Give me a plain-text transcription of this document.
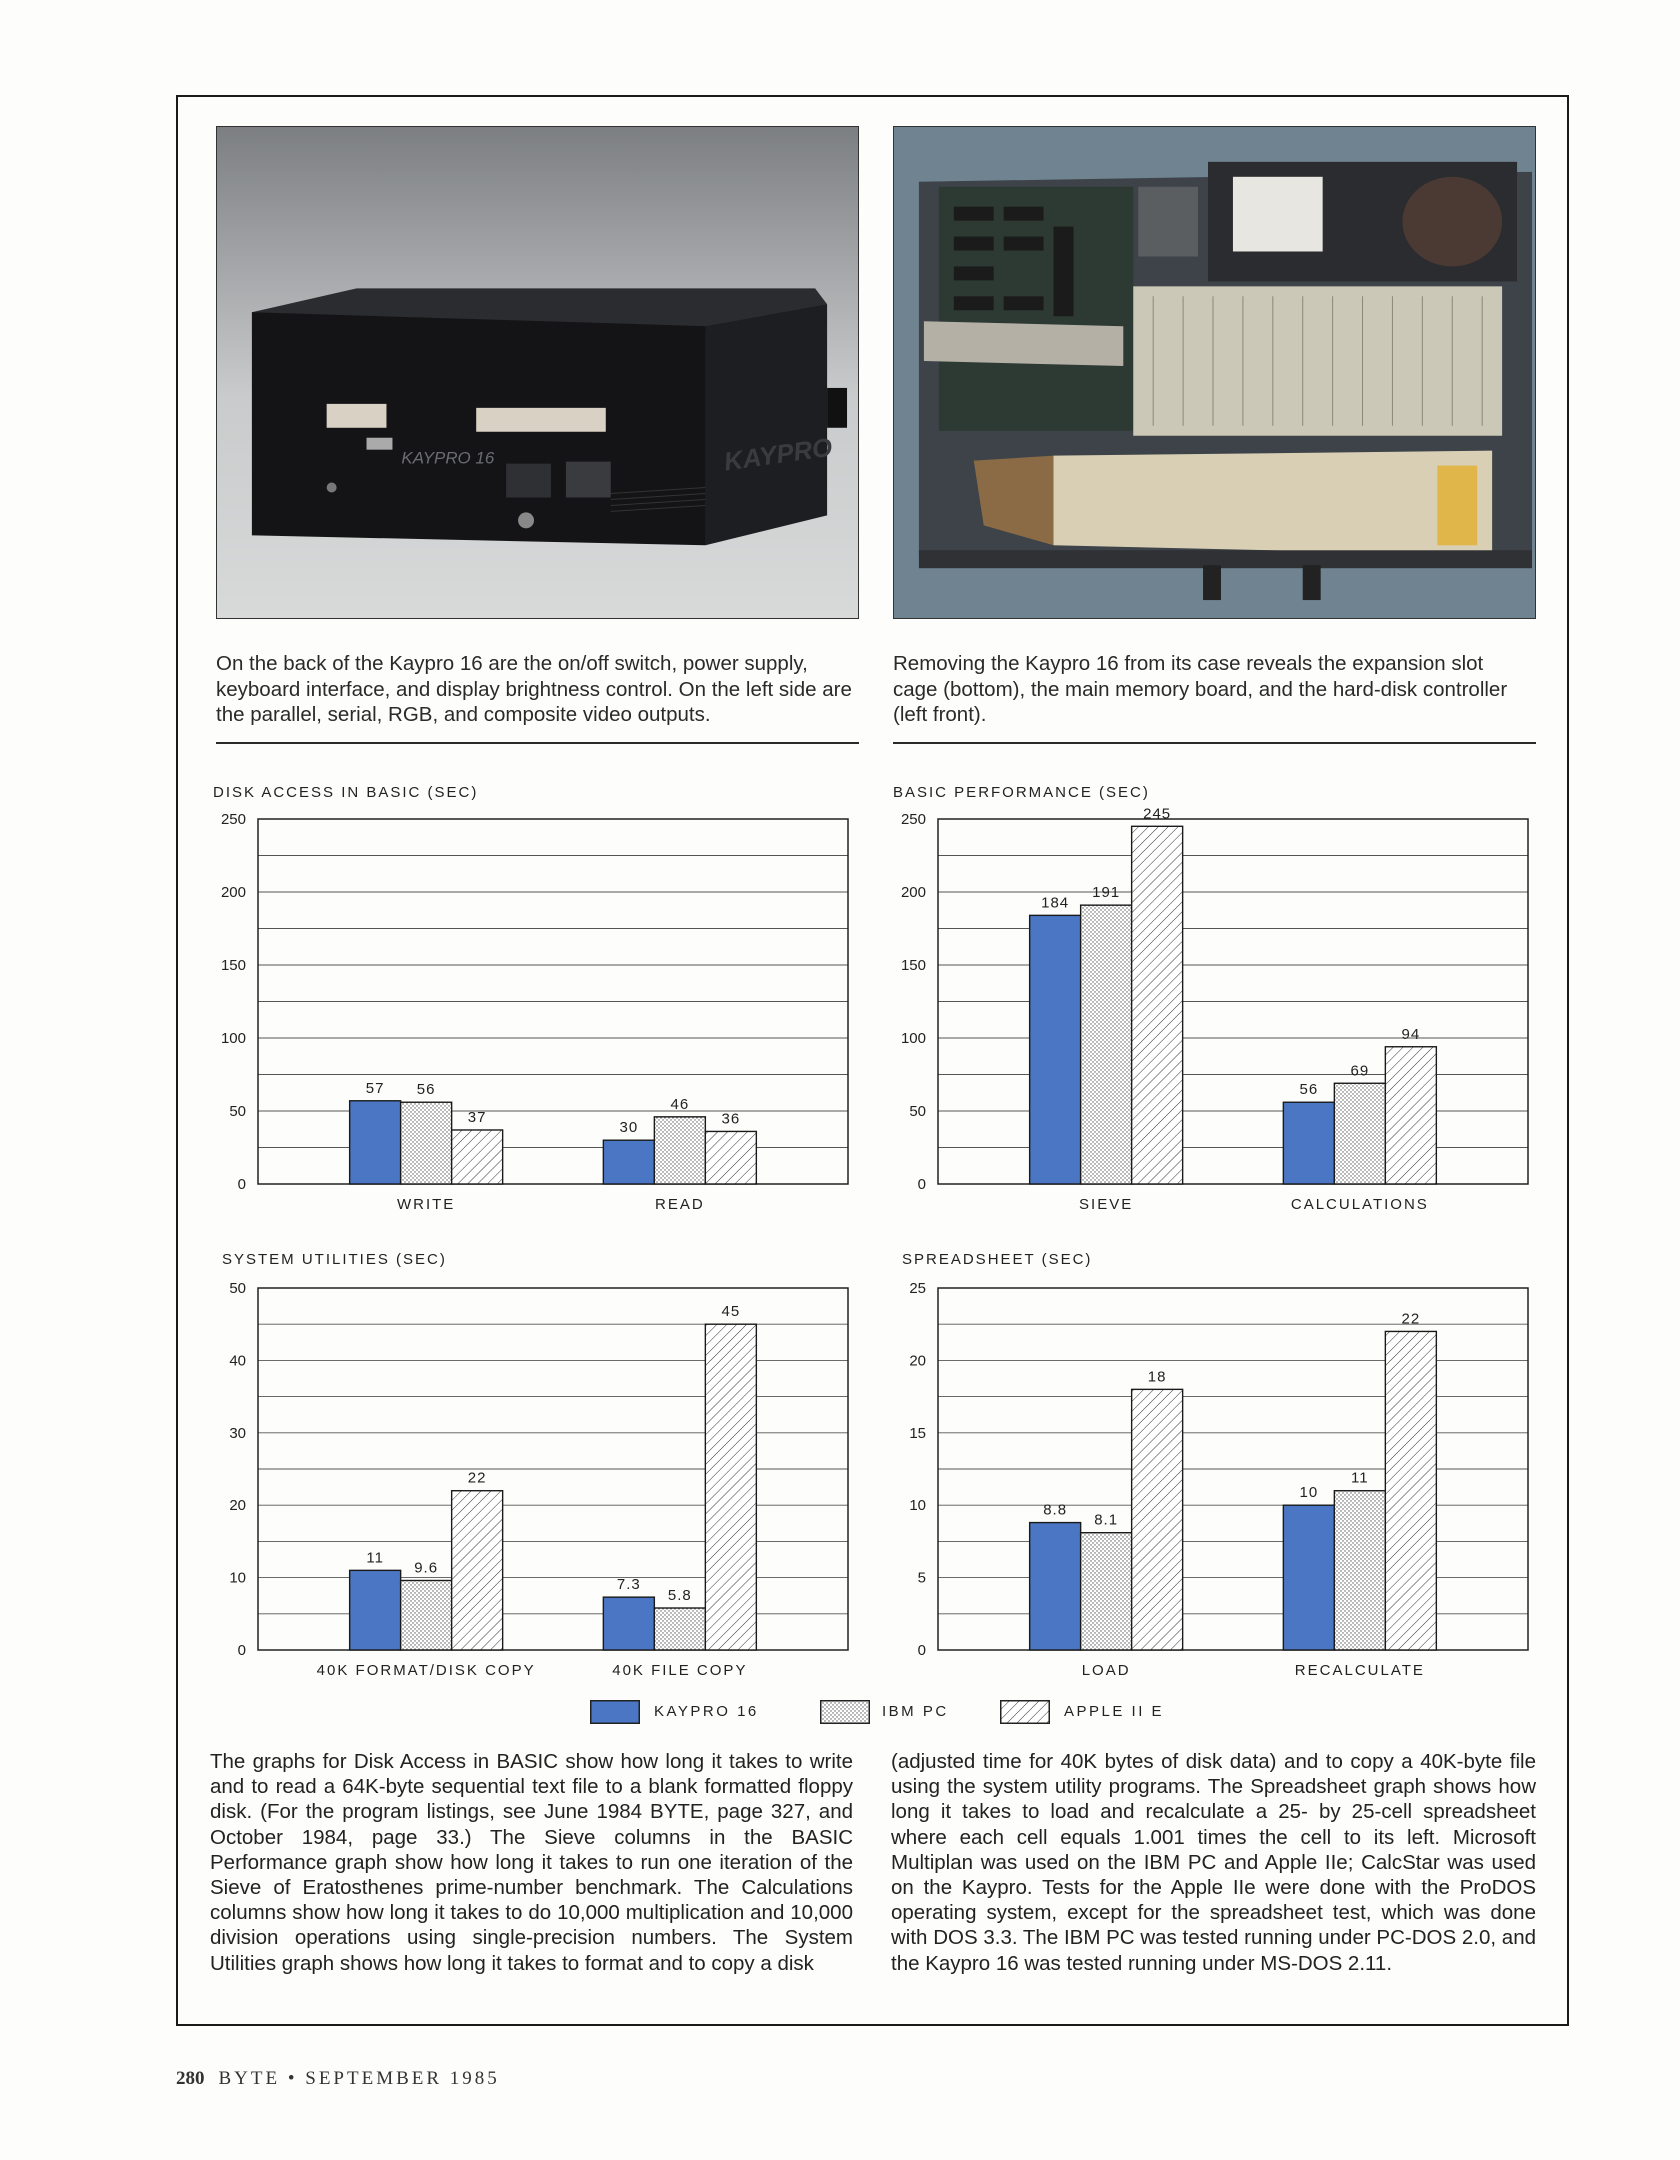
KAYPRO 16	KAYPRO
On the back of the Kaypro 16 are the on/off switch, power supply, keyboard interface, and display brightness control. On the left side are the parallel, serial, RGB, and composite video outputs.
Removing the Kaypro 16 from its case reveals the expansion slot cage (bottom), the main memory board, and the hard-disk controller (left front).
DISK ACCESS IN BASIC (SEC)
0
50
100
150
200
250
57 56
37
WRITE
30
46
36
READ
BASIC PERFORMANCE (SEC)
0
50
100
150
200
250
184
191
245
SIEVE
56
69
94
CALCULATIONS
SYSTEM UTILITIES (SEC)
0
10
20
30
40
50
11
9.6
22
40K FORMAT/DISK COPY
7.3
5.8
45
40K FILE COPY
SPREADSHEET (SEC)
0
5
10
15
20
25
8.8
8.1
18
LOAD
10
11
22
RECALCULATE
KAYPRO 16	IBM PC	APPLE II E
The graphs for Disk Access in BASIC show how long it takes to write and to read a 64K-byte sequential text file to a blank formatted floppy disk. (For the program listings, see June 1984 BYTE, page 327, and October 1984, page 33.) The Sieve columns in the BASIC Performance graph show how long it takes to run one iteration of the Sieve of Eratosthenes prime-number benchmark. The Calculations columns show how long it takes to do 10,000 multiplication and 10,000 division operations using single-precision numbers. The System Utilities graph shows how long it takes to format and to copy a disk
(adjusted time for 40K bytes of disk data) and to copy a 40K-byte file using the system utility programs. The Spreadsheet graph shows how long it takes to load and recalculate a 25- by 25-cell spreadsheet where each cell equals 1.001 times the cell to its left. Microsoft Multiplan was used on the IBM PC and Apple IIe; CalcStar was used on the Kaypro. Tests for the Apple IIe were done with the ProDOS operating system, except for the spreadsheet test, which was done with DOS 3.3. The IBM PC was tested running under PC-DOS 2.0, and the Kaypro 16 was tested running under MS-DOS 2.11.
280 BYTE • SEPTEMBER 1985
